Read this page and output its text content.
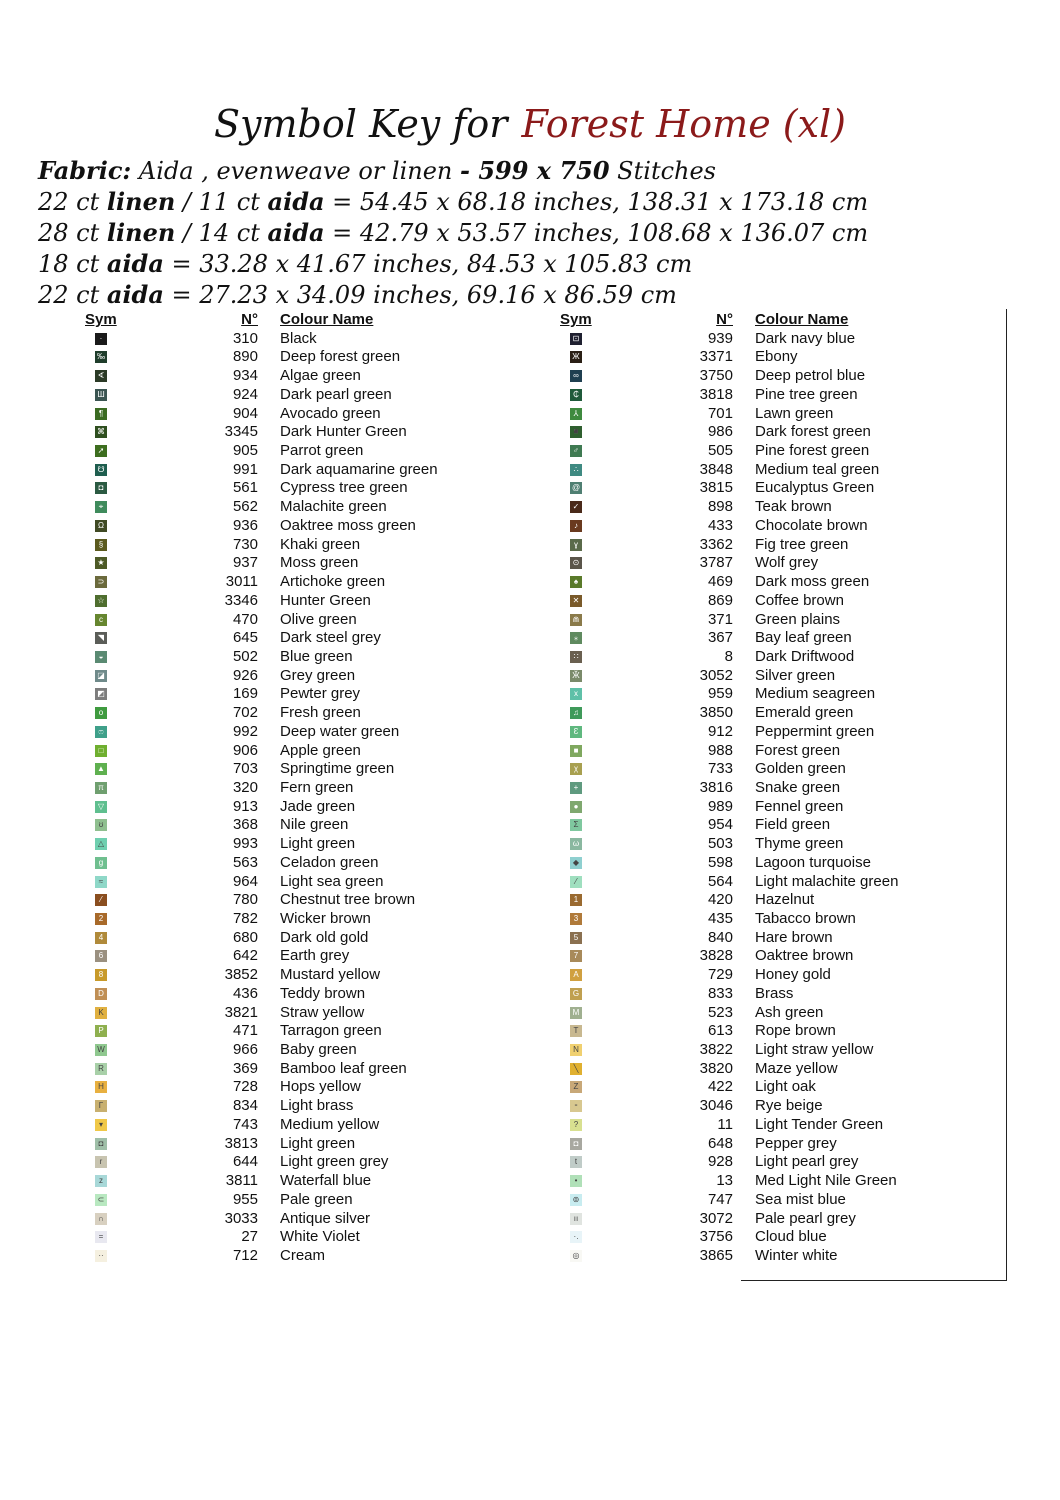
Symbol Key for Forest Home (xl)
Fabric: Aida , evenweave or linen - 599 x 750 Stitches
22 ct linen / 11 ct aida = 54.45 x 68.18 inches, 138.31 x 173.18 cm
28 ct linen / 14 ct aida = 42.79 x 53.57 inches, 108.68 x 136.07 cm
18 ct aida = 33.28 x 41.67 inches, 84.53 x 105.83 cm
22 ct aida = 27.23 x 34.09 inches, 69.16 x 86.59 cm
Sym	N° Colour Name
·	310 Black
‰	890 Deep forest green
∢	934 Algae green
Ш	924 Dark pearl green
¶	904 Avocado green
⌘	3345 Dark Hunter Green
➚	905 Parrot green
☋	991 Dark aquamarine green
◘	561 Cypress tree green
⌖	562 Malachite green
Ω	936 Oaktree moss green
§	730 Khaki green
★	937 Moss green
⊃	3011 Artichoke green
☆	3346 Hunter Green
c	470 Olive green
◥	645 Dark steel grey
◒	502 Blue green
◪	926 Grey green
◩	169 Pewter grey
o	702 Fresh green
ෆ	992 Deep water green
□	906 Apple green
▲	703 Springtime green
π	320 Fern green
▽	913 Jade green
ʊ	368 Nile green
△	993 Light green
g	563 Celadon green
≈	964 Light sea green
⁄	780 Chestnut tree brown
2	782 Wicker brown
4	680 Dark old gold
6	642 Earth grey
8	3852 Mustard yellow
D	436 Teddy brown
K	3821 Straw yellow
P	471 Tarragon green
W	966 Baby green
R	369 Bamboo leaf green
H	728 Hops yellow
Γ	834 Light brass
▾	743 Medium yellow
◘	3813 Light green
r	644 Light green grey
z	3811 Waterfall blue
⊂	955 Pale green
∩	3033 Antique silver
=	27 White Violet
··	712 Cream
Sym	N° Colour Name
⊡	939 Dark navy blue
Ж	3371 Ebony
∞	3750 Deep petrol blue
₵	3818 Pine tree green
⅄	701 Lawn green
◾	986 Dark forest green
♂	505 Pine forest green
∴	3848 Medium teal green
@	3815 Eucalyptus Green
✓	898 Teak brown
♪	433 Chocolate brown
ɣ	3362 Fig tree green
⊙	3787 Wolf grey
♠	469 Dark moss green
✕	869 Coffee brown
⋒	371 Green plains
⁎	367 Bay leaf green
∷	8 Dark Driftwood
Ӂ	3052 Silver green
x	959 Medium seagreen
♫	3850 Emerald green
Ɛ	912 Peppermint green
■	988 Forest green
χ	733 Golden green
+	3816 Snake green
●	989 Fennel green
Σ	954 Field green
ω	503 Thyme green
◆	598 Lagoon turquoise
⁄	564 Light malachite green
1	420 Hazelnut
3	435 Tabacco brown
5	840 Hare brown
7	3828 Oaktree brown
A	729 Honey gold
G	833 Brass
M	523 Ash green
T	613 Rope brown
N	3822 Light straw yellow
╲	3820 Maze yellow
Z	422 Light oak
⁃	3046 Rye beige
?	11 Light Tender Green
◘	648 Pepper grey
t	928 Light pearl grey
•	13 Med Light Nile Green
⊚	747 Sea mist blue
ıı	3072 Pale pearl grey
·.	3756 Cloud blue
◎	3865 Winter white
